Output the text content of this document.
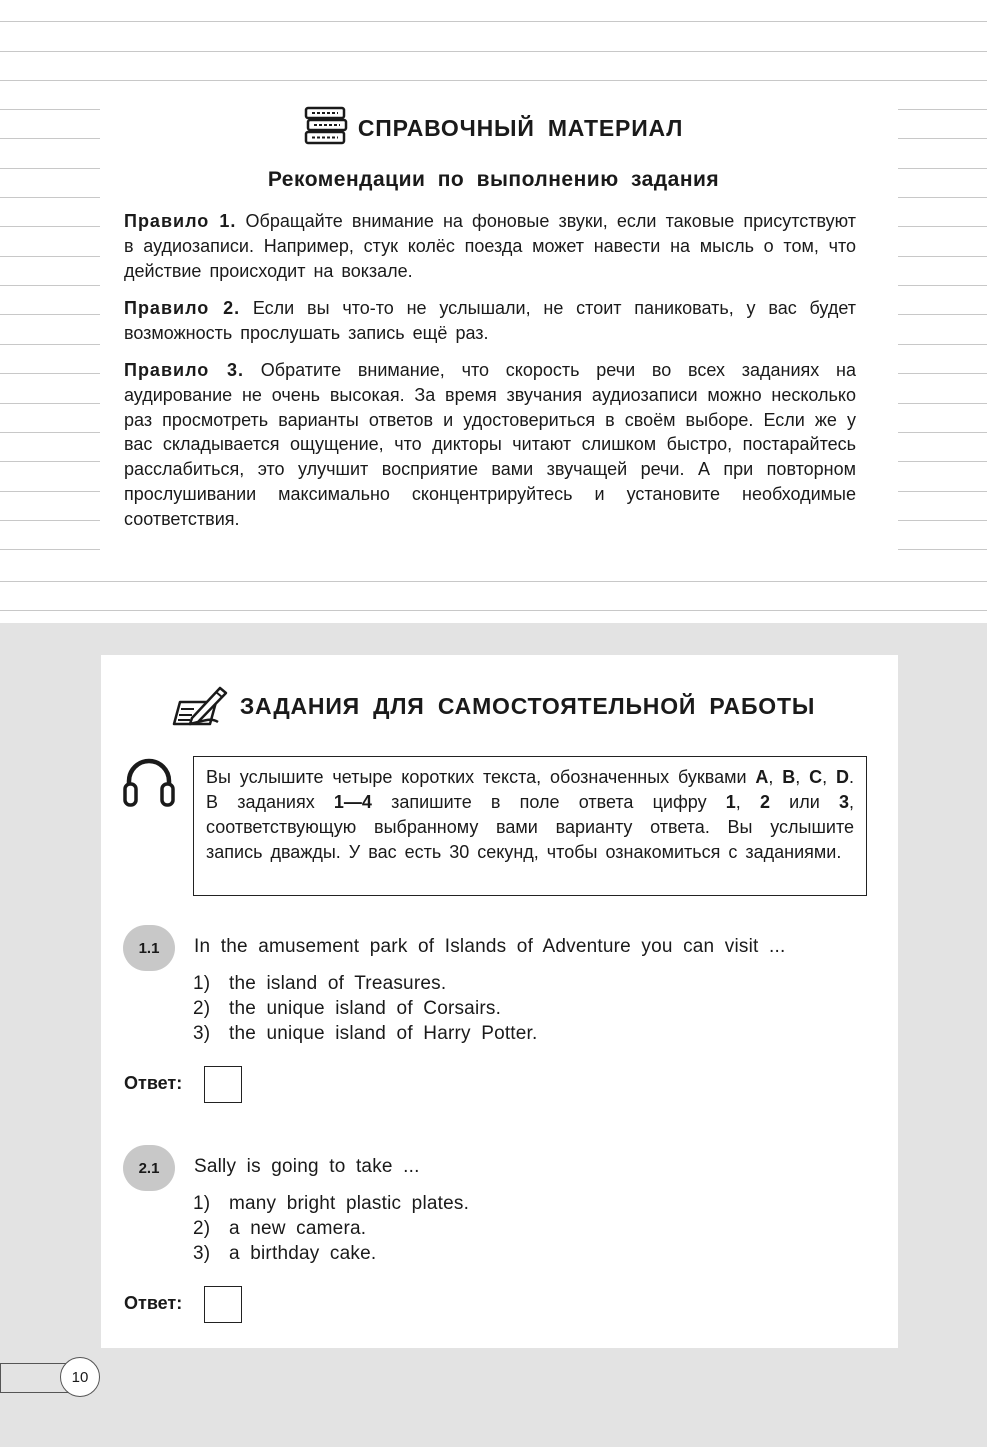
СПРАВОЧНЫЙ МАТЕРИАЛ
Рекомендации по выполнению задания

Правило 1. Обращайте внимание на фоновые звуки, если таковые присутствуют в аудиозаписи. Например, стук колёс поезда может навести на мысль о том, что действие происходит на вокзале.

Правило 2. Если вы что-то не услышали, не стоит паниковать, у вас будет возможность прослушать запись ещё раз.

Правило 3. Обратите внимание, что скорость речи во всех заданиях на аудирование не очень высокая. За время звучания аудиозаписи можно несколько раз просмотреть варианты ответов и удостовериться в своём выборе. Если же у вас складывается ощущение, что дикторы читают слишком быстро, постарайтесь расслабиться, это улучшит восприятие вами звучащей речи. А при повторном прослушивании максимально сконцентрируйтесь и установите необходимые соответствия.

ЗАДАНИЯ ДЛЯ САМОСТОЯТЕЛЬНОЙ РАБОТЫ
Вы услышите четыре коротких текста, обозначенных буквами A, B, C, D. В заданиях 1—4 запишите в поле ответа цифру 1, 2 или 3, соответствующую выбранному вами варианту ответа. Вы услышите запись дважды. У вас есть 30 секунд, чтобы ознакомиться с заданиями.
1.1	In the amusement park of Islands of Adventure you can visit ...
1) the island of Treasures.
2) the unique island of Corsairs.
3) the unique island of Harry Potter.
Ответ:
2.1	Sally is going to take ...
1) many bright plastic plates.
2) a new camera.
3) a birthday cake.
Ответ:
10
